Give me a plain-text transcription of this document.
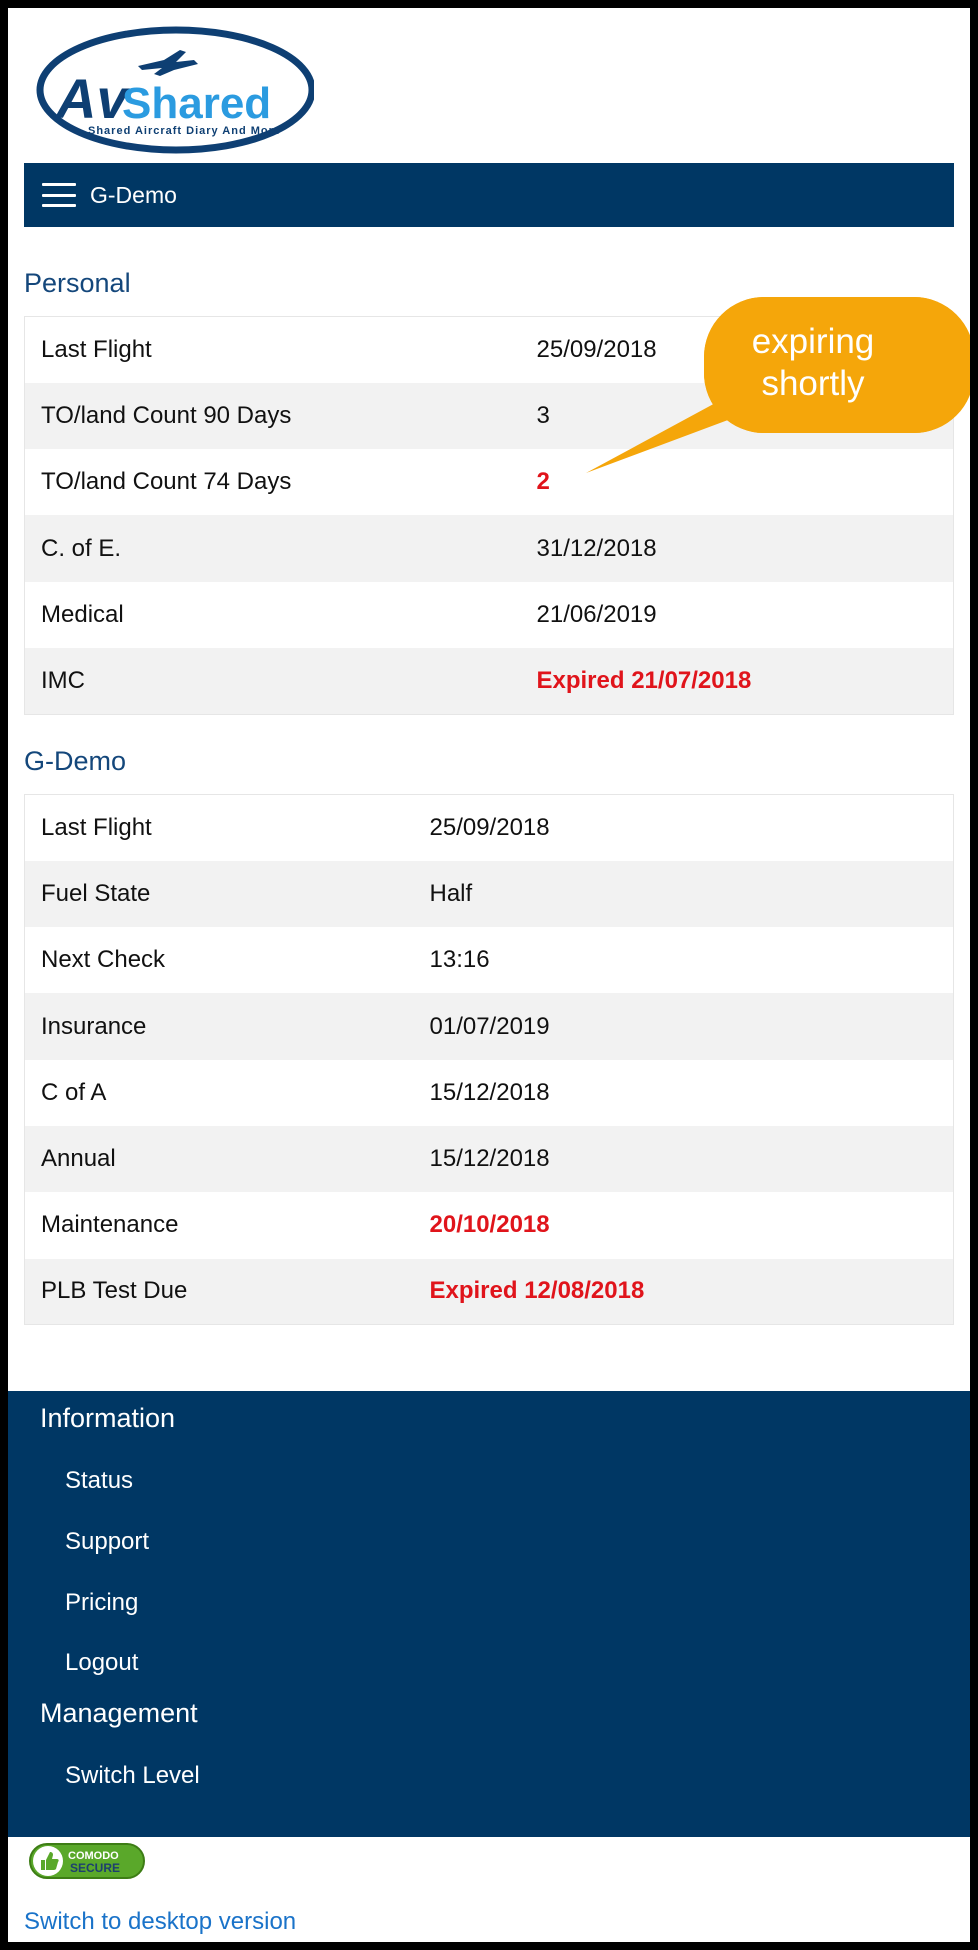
Av
Shared
Shared Aircraft Diary And More
G-Demo
Personal
Last Flight	25/09/2018
TO/land Count 90 Days	3
TO/land Count 74 Days	2
C. of E.	31/12/2018
Medical	21/06/2019
IMC	Expired 21/07/2018
expiring
shortly
G-Demo
Last Flight	25/09/2018
Fuel State	Half
Next Check	13:16
Insurance	01/07/2019
C of A	15/12/2018
Annual	15/12/2018
Maintenance	20/10/2018
PLB Test Due	Expired 12/08/2018
Information
Status
Support
Pricing
Logout
Management
Switch Level
COMODO
SECURE
Switch to desktop version
